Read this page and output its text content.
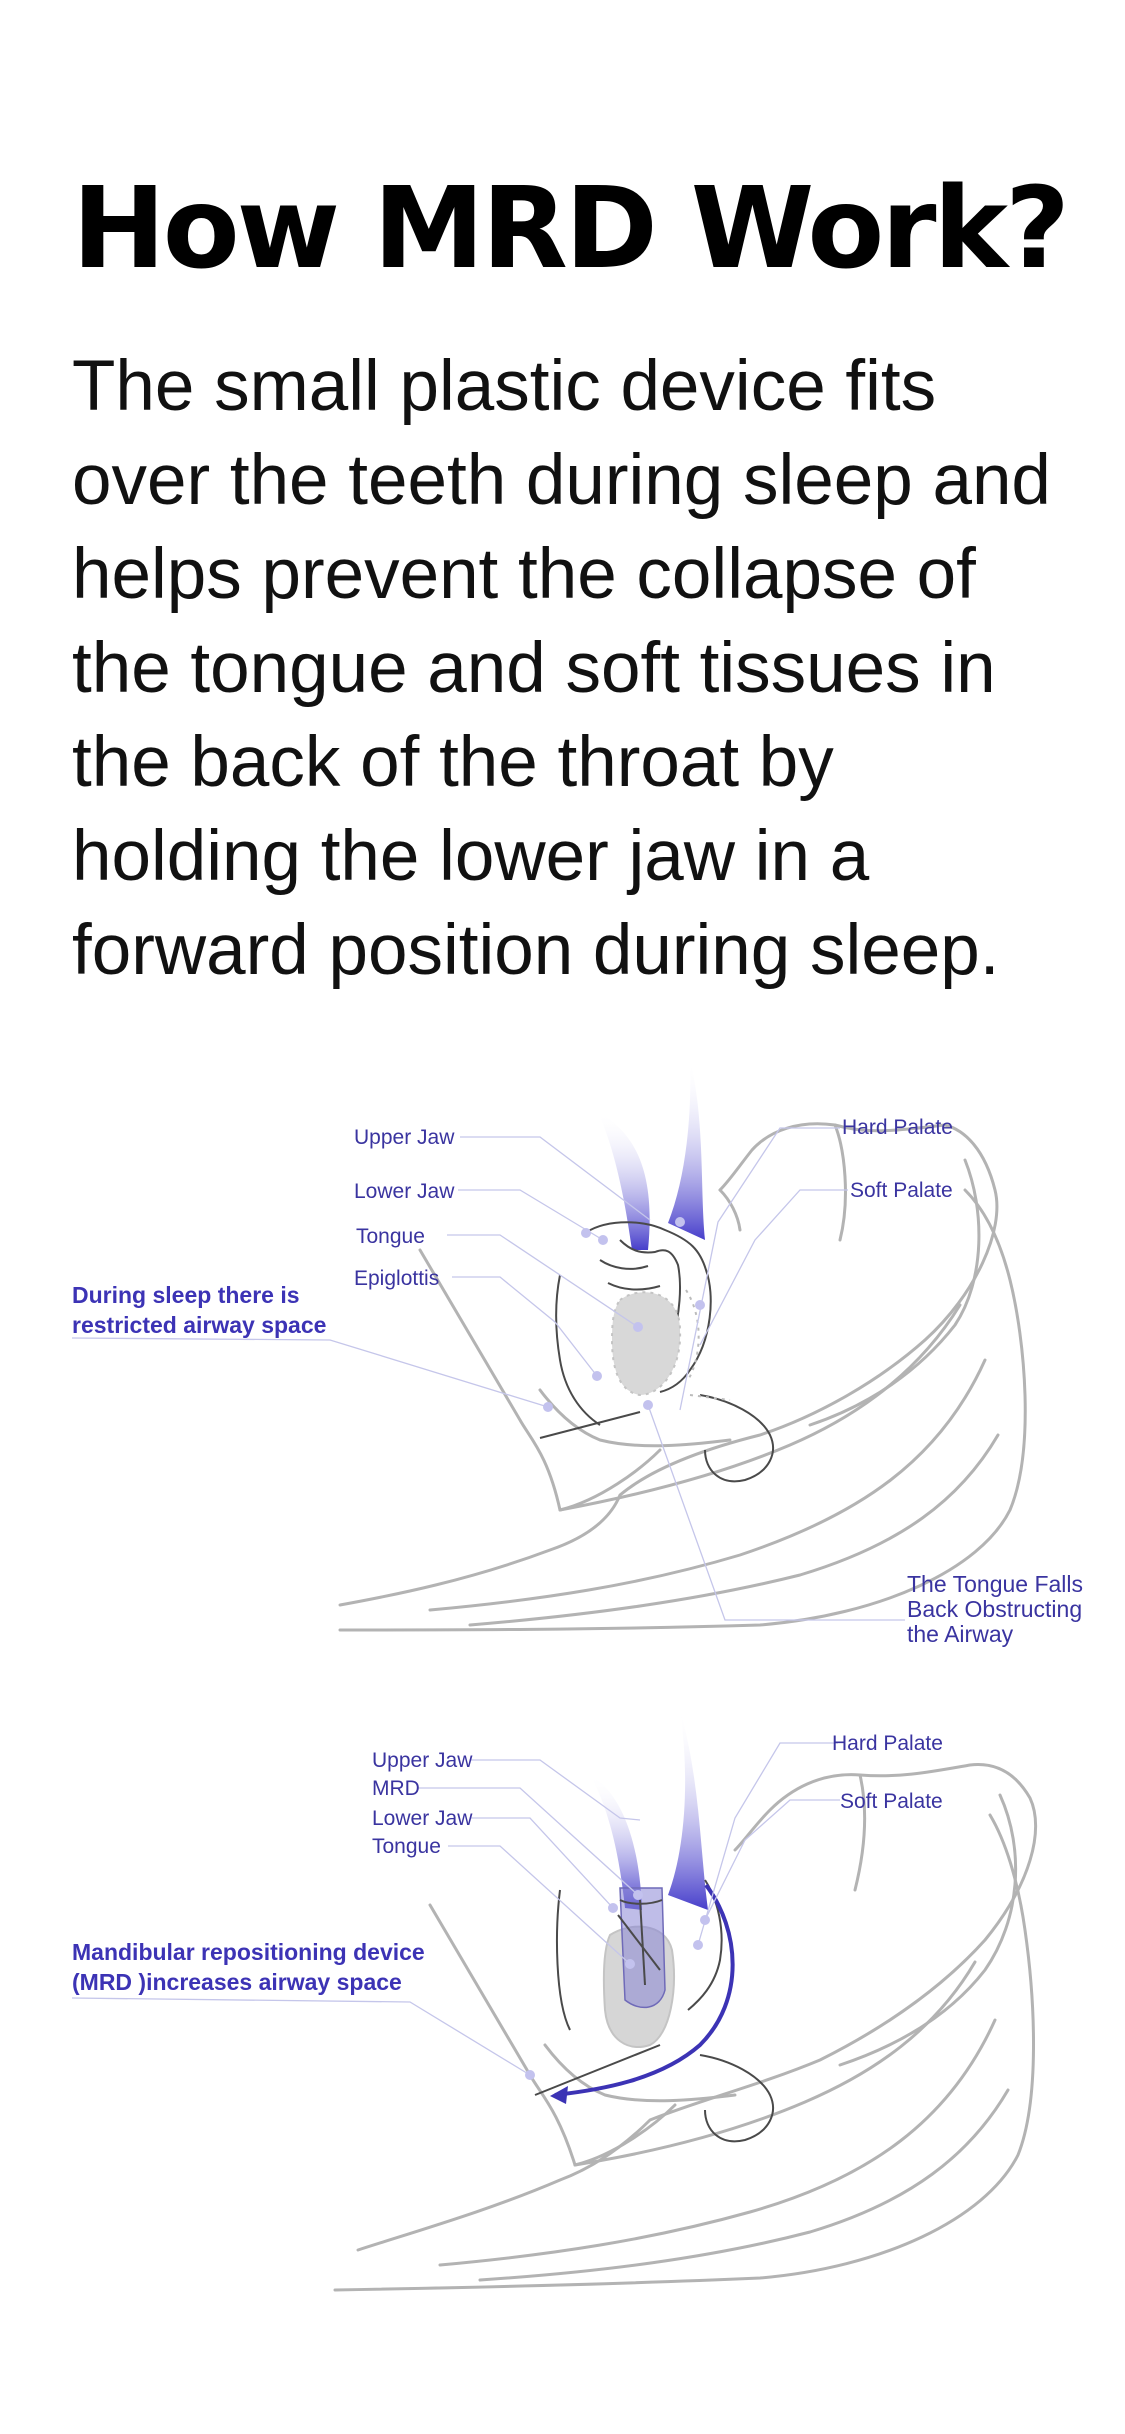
How MRD Work?

The small plastic device fits over the teeth during sleep and helps prevent the collapse of the tongue and soft tissues in the back of the throat by holding the lower jaw in a forward position during sleep.

Upper Jaw
Lower Jaw
Tongue
Epiglottis
Hard Palate
Soft Palate
During sleep there is
restricted airway space
The Tongue Falls
Back Obstructing
the Airway
Upper Jaw
MRD
Lower Jaw
Tongue
Hard Palate
Soft Palate
Mandibular repositioning device
(MRD )increases airway space
